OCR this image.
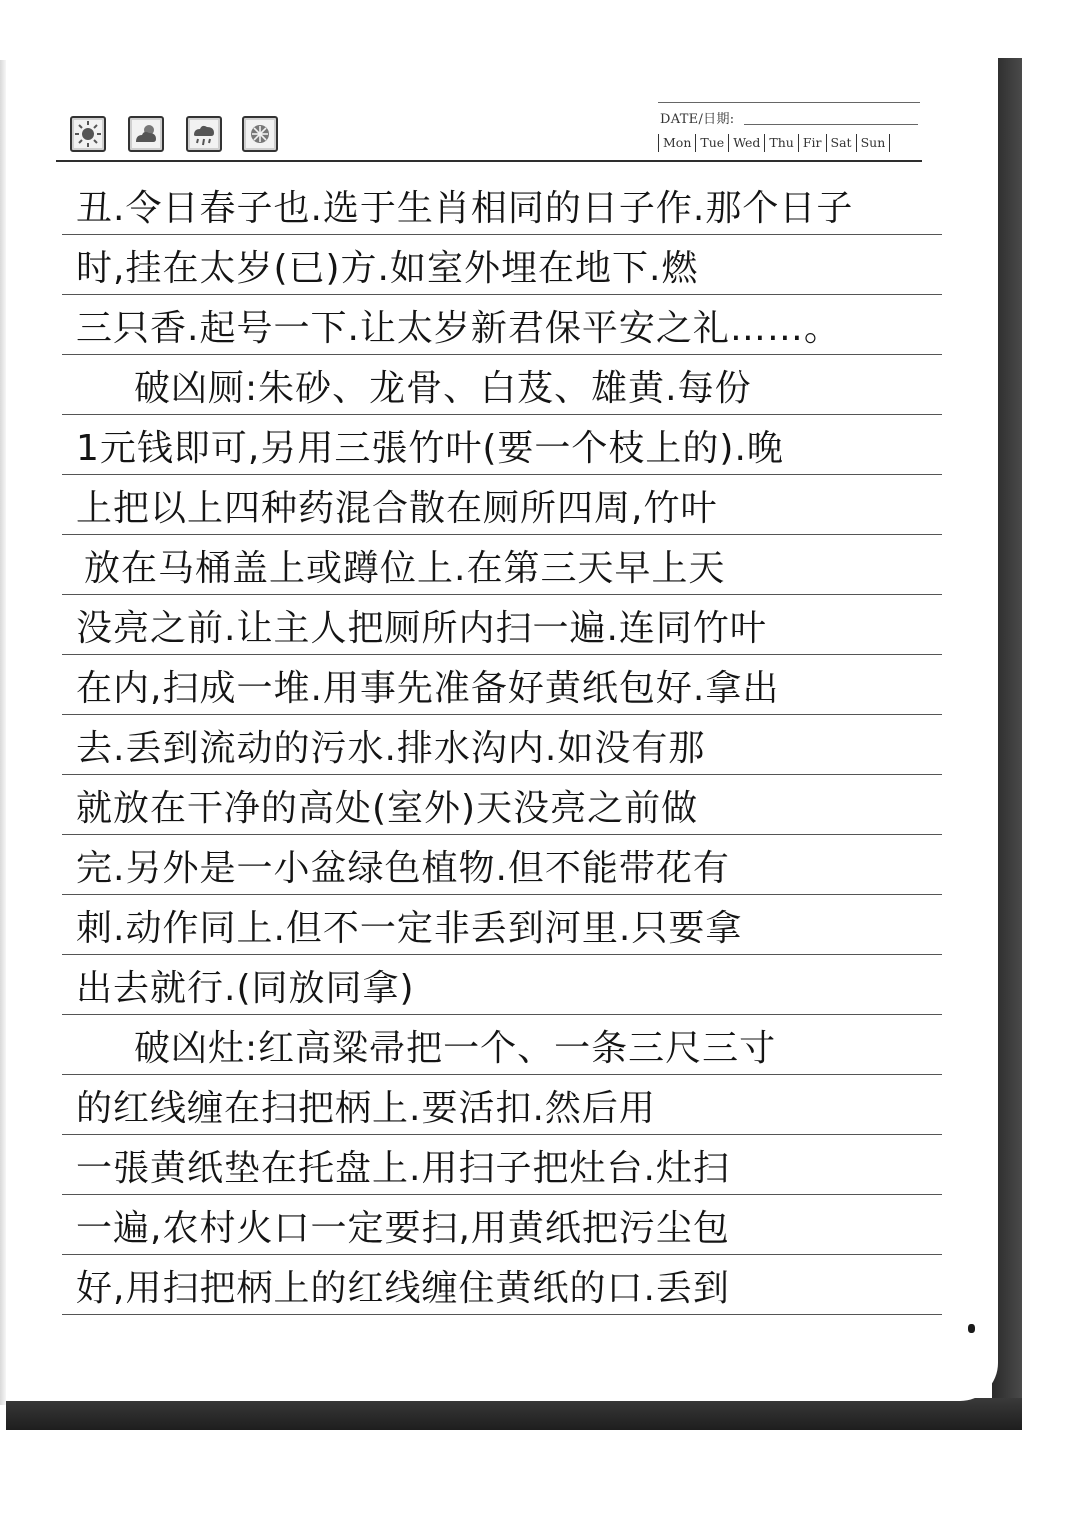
DATE/日期:
Mon Tue Wed Thu Fir Sat Sun
丑.令日春子也.选于生肖相同的日子作.那个日子
时,挂在太岁(已)方.如室外埋在地下.燃
三只香.起号一下.让太岁新君保平安之礼……。
破凶厕:朱砂、龙骨、白芨、雄黄.每份
1元钱即可,另用三張竹叶(要一个枝上的).晚
上把以上四种药混合散在厕所四周,竹叶
放在马桶盖上或蹲位上.在第三天早上天
没亮之前.让主人把厕所内扫一遍.连同竹叶
在内,扫成一堆.用事先准备好黄纸包好.拿出
去.丢到流动的污水.排水沟内.如没有那
就放在干净的高处(室外)天没亮之前做
完.另外是一小盆绿色植物.但不能带花有
刺.动作同上.但不一定非丢到河里.只要拿
出去就行.(同放同拿)
破凶灶:红高粱帚把一个、一条三尺三寸
的红线缠在扫把柄上.要活扣.然后用
一張黄纸垫在托盘上.用扫子把灶台.灶扫
一遍,农村火口一定要扫,用黄纸把污尘包
好,用扫把柄上的红线缠住黄纸的口.丢到
